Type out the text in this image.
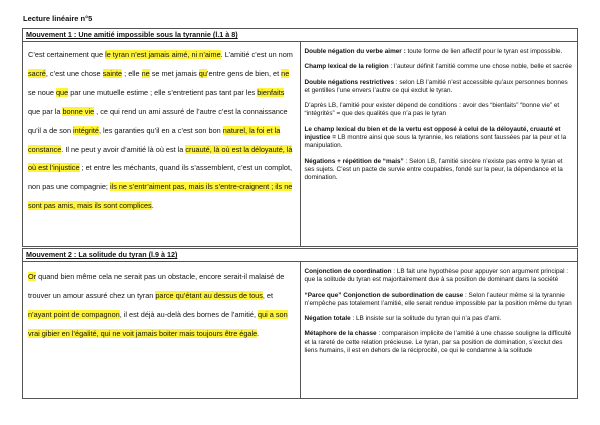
Lecture linéaire n°5
Mouvement 1 : Une amitié impossible sous la tyrannie (l.1 à 8)

C’est certainement que le tyran n’est jamais aimé, ni n’aime. L’amitié c’est un nom sacré, c’est une chose sainte ; elle ne se met jamais qu’entre gens de bien, et ne se noue que par une mutuelle estime ; elle s’entretient pas tant par les bienfaits que par la bonne vie , ce qui rend un ami assuré de l’autre c’est la connaissance qu’il a de son intégrité, les garanties qu’il en a c’est son bon naturel, la foi et la constance. Il ne peut y avoir d’amitié là où est la cruauté, là où est la déloyauté, là où est l’injustice ; et entre les méchants, quand ils s’assemblent, c’est un complot, non pas une compagnie; ils ne s’entr’aiment pas, mais ils s’entre-craignent ; ils ne sont pas amis, mais ils sont complices.

Double négation du verbe aimer : toute forme de lien affectif pour le tyran est impossible.
Champ lexical de la religion : l’auteur définit l’amitié comme une chose noble, belle et sacrée
Double négations restrictives : selon LB l’amitié n’est accessible qu’aux personnes bonnes et gentilles l’une envers l’autre ce qui exclut le tyran.
D’après LB, l’amitié pour exister dépend de conditions : avoir des “bienfaits” “bonne vie” et “intégrités” = que des qualités que n’a pas le tyran
Le champ lexical du bien et de la vertu est opposé à celui de la déloyauté, cruauté et injustice = LB montre ainsi que sous la tyrannie, les relations sont faussées par la peur et la manipulation.
Négations + répétition de “mais” : Selon LB, l’amitié sincère n’existe pas entre le tyran et ses sujets. C’est un pacte de survie entre coupables, fondé sur la peur, la dépendance et la domination.
Mouvement 2 : La solitude du tyran (l.9 à 12)

Or quand bien même cela ne serait pas un obstacle, encore serait-il malaisé de trouver un amour assuré chez un tyran parce qu’étant au dessus de tous, et n’ayant point de compagnon, il est déjà au-delà des bornes de l’amitié, qui a son vrai gibier en l’égalité, qui ne voit jamais boiter mais toujours être égale.

Conjonction de coordination : LB fait une hypothèse pour appuyer son argument principal : que la solitude du tyran est majoritairement due à sa position de dominant dans la société
“Parce que” Conjonction de subordination de cause : Selon l’auteur même si la tyrannie n’empêche pas totalement l’amitié, elle serait rendue impossible par la position même du tyran
Négation totale : LB insiste sur la solitude du tyran qui n’a pas d’ami.
Métaphore de la chasse : comparaison implicite de l’amitié à une chasse souligne la difficulté et la rareté de cette relation précieuse. Le tyran, par sa position de domination, s’exclut des liens humains, il est en dehors de la réciprocité, ce qui le condamne à la solitude
